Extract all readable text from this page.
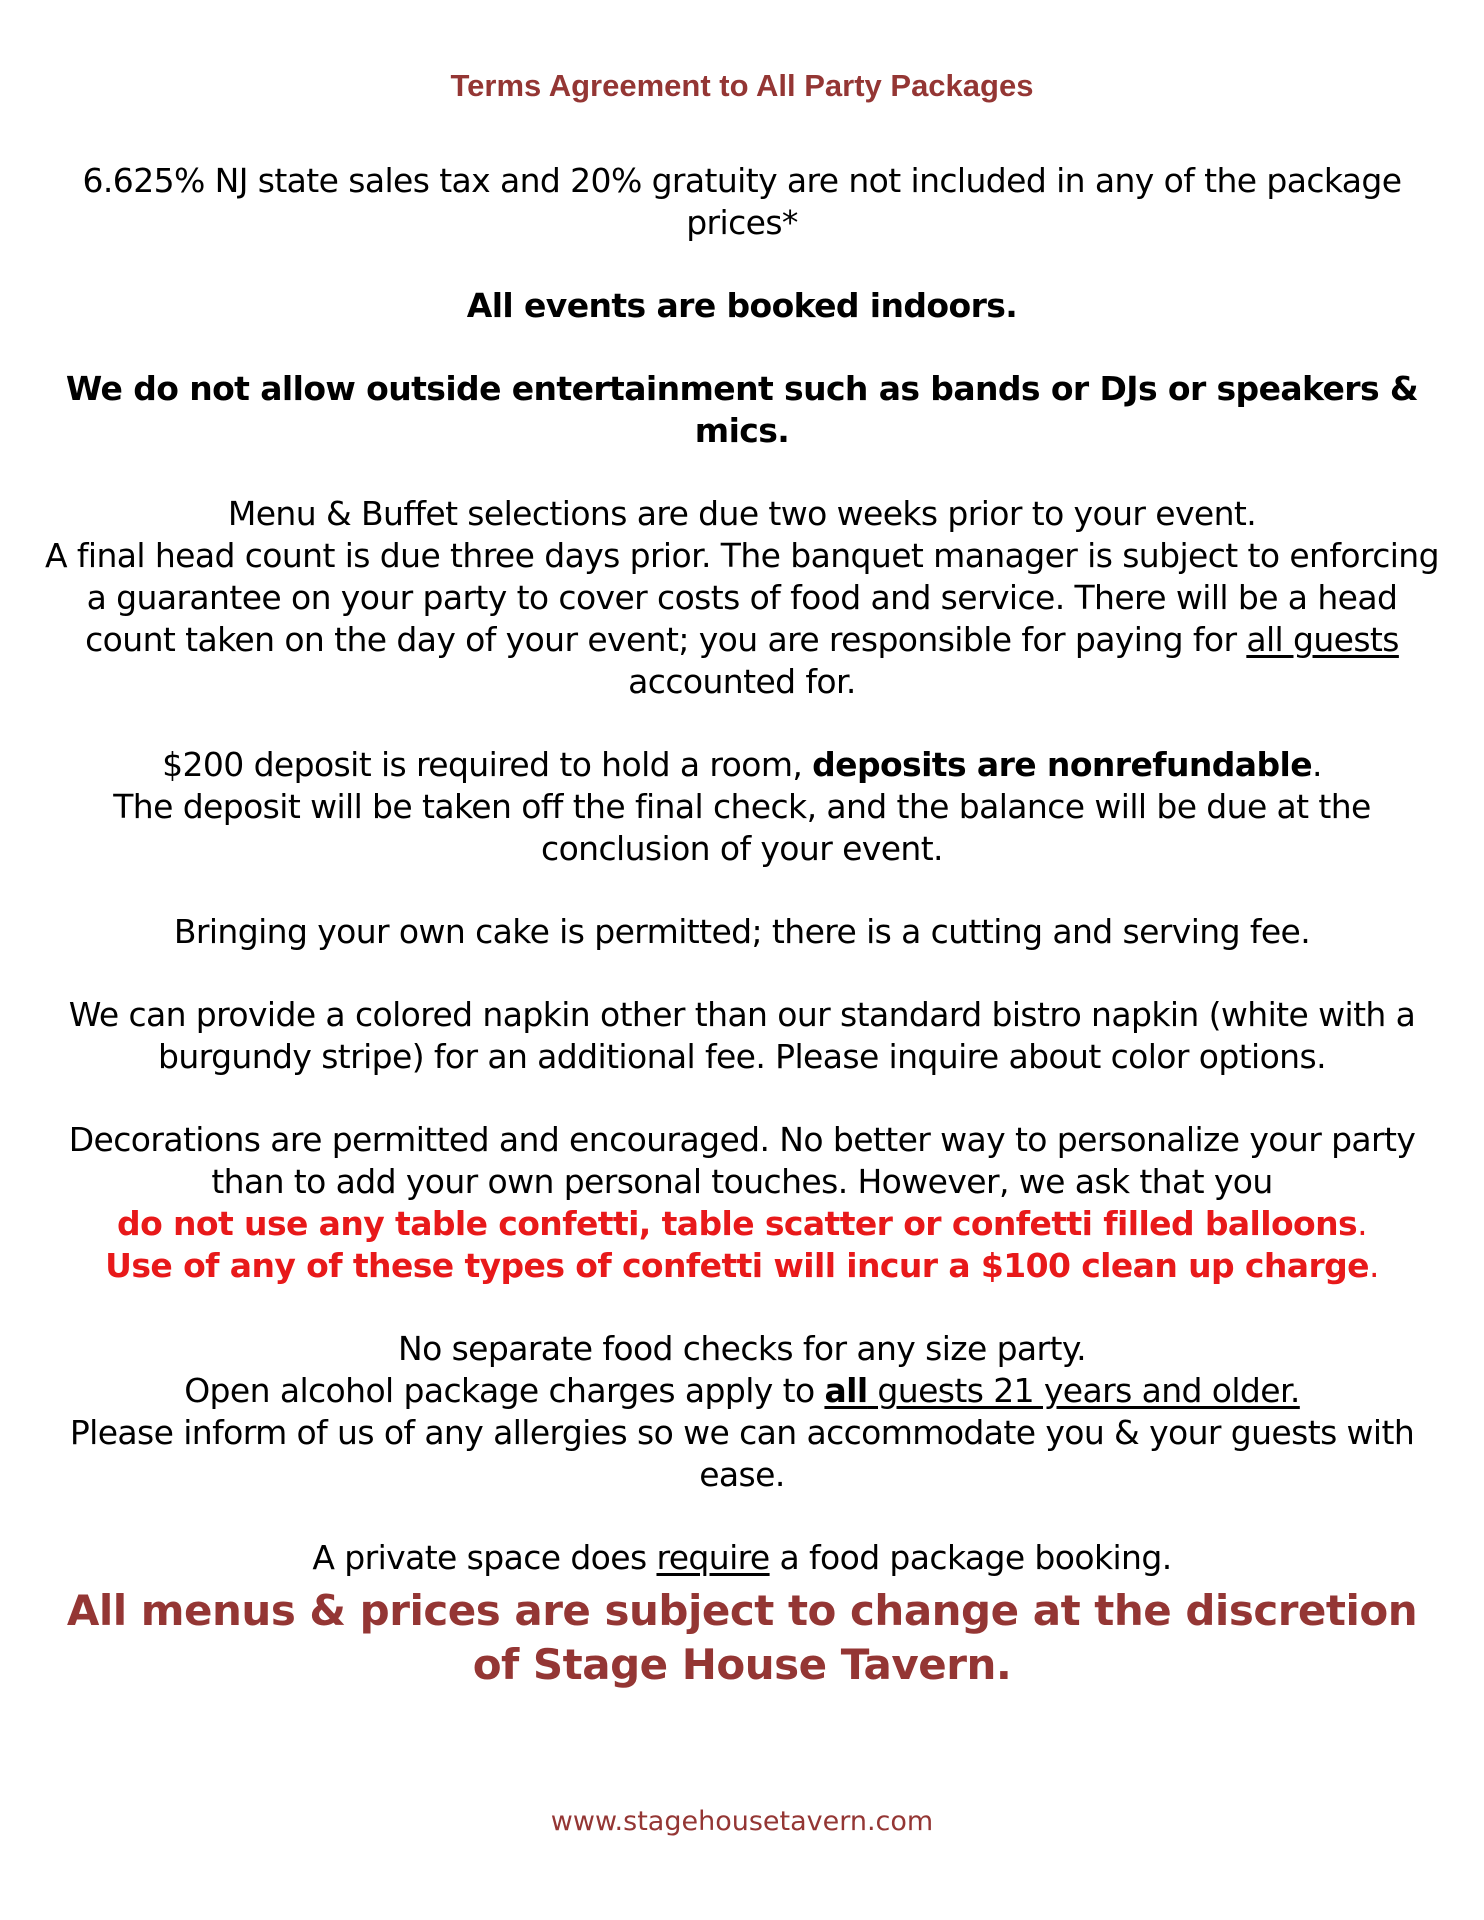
Terms Agreement to All Party Packages

6.625% NJ state sales tax and 20% gratuity are not included in any of the package prices*

All events are booked indoors.

We do not allow outside entertainment such as bands or DJs or speakers & mics.

Menu & Buffet selections are due two weeks prior to your event.
A final head count is due three days prior. The banquet manager is subject to enforcing a guarantee on your party to cover costs of food and service. There will be a head count taken on the day of your event; you are responsible for paying for all guests accounted for.

$200 deposit is required to hold a room, deposits are nonrefundable.
The deposit will be taken off the final check, and the balance will be due at the conclusion of your event.

Bringing your own cake is permitted; there is a cutting and serving fee.

We can provide a colored napkin other than our standard bistro napkin (white with a burgundy stripe) for an additional fee. Please inquire about color options.

Decorations are permitted and encouraged. No better way to personalize your party than to add your own personal touches. However, we ask that you
do not use any table confetti, table scatter or confetti filled balloons.
Use of any of these types of confetti will incur a $100 clean up charge.

No separate food checks for any size party.
Open alcohol package charges apply to all guests 21 years and older.
Please inform of us of any allergies so we can accommodate you & your guests with ease.

A private space does require a food package booking.

All menus & prices are subject to change at the discretion of Stage House Tavern.
www.stagehousetavern.com
